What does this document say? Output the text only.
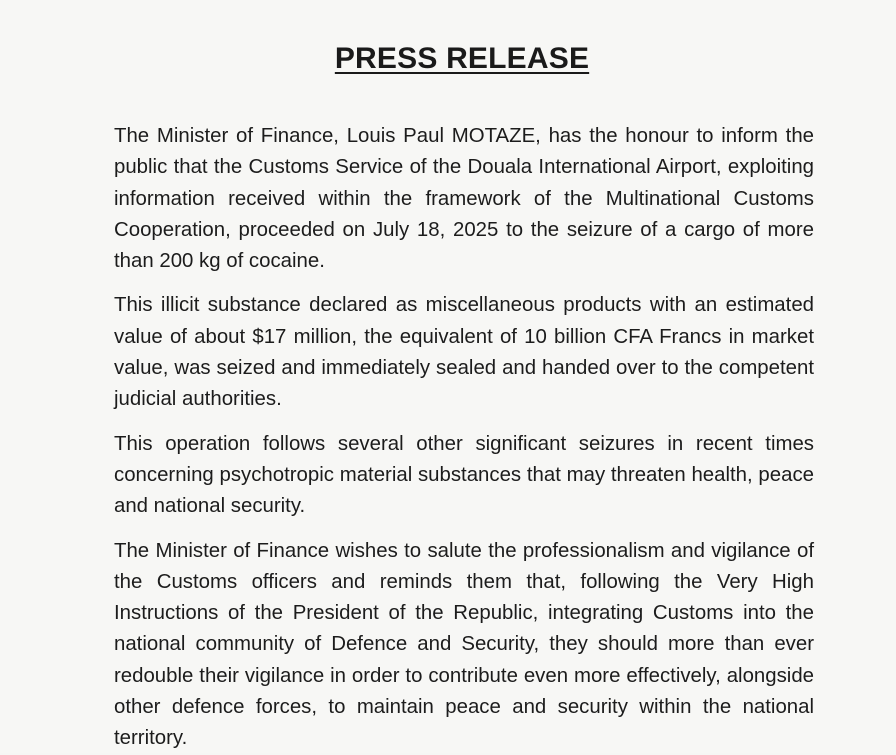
PRESS RELEASE

The Minister of Finance, Louis Paul MOTAZE, has the honour to inform the public that the Customs Service of the Douala International Airport, exploiting information received within the framework of the Multinational Customs Cooperation, proceeded on July 18, 2025 to the seizure of a cargo of more than 200 kg of cocaine.

This illicit substance declared as miscellaneous products with an estimated value of about $17 million, the equivalent of 10 billion CFA Francs in market value, was seized and immediately sealed and handed over to the competent judicial authorities.

This operation follows several other significant seizures in recent times concerning psychotropic material substances that may threaten health, peace and national security.

The Minister of Finance wishes to salute the professionalism and vigilance of the Customs officers and reminds them that, following the Very High Instructions of the President of the Republic, integrating Customs into the national community of Defence and Security, they should more than ever redouble their vigilance in order to contribute even more effectively, alongside other defence forces, to maintain peace and security within the national territory.
